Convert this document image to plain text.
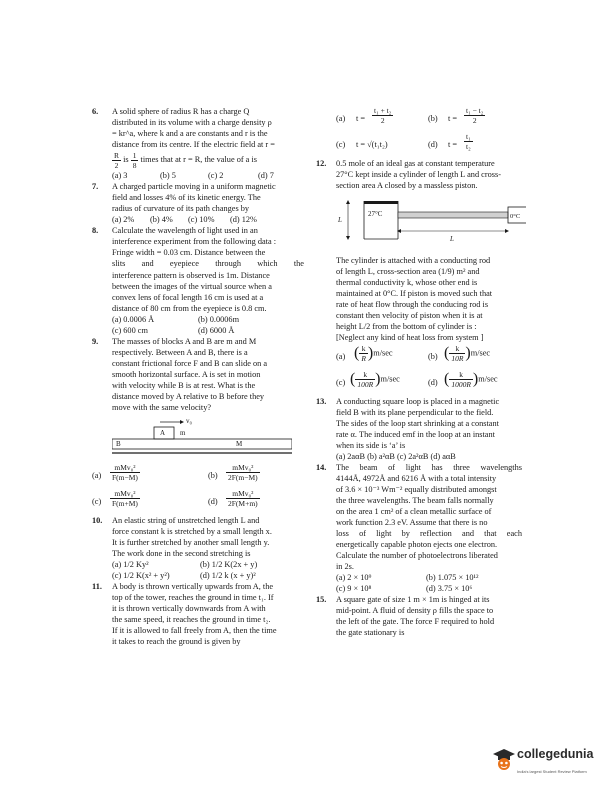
6. A solid sphere of radius R has a charge Q
distributed in its volume with a charge density ρ
= kr^a, where k and a are constants and r is the
distance from its centre. If the electric field at r =
$\frac{R}{2}$ is $\frac{1}{8}$ times that at r = R, the value of a is
(a) 3	(b) 5	(c) 2	(d) 7
7. A charged particle moving in a uniform magnetic
field and losses 4% of its kinetic energy. The
radius of curvature of its path changes by
(a) 2% (b) 4% (c) 10% (d) 12%
8. Calculate the wavelength of light used in an
interference experiment from the following data :
Fringe width = 0.03 cm. Distance between the
slits and eyepiece through which the
interference pattern is observed is 1m. Distance
between the images of the virtual source when a
convex lens of focal length 16 cm is used at a
distance of 80 cm from the eyepiece is 0.8 cm.
(a) 0.0006 Å	(b) 0.0006m
(c) 600 cm	(d) 6000 Å
9. The masses of blocks A and B are m and M
respectively. Between A and B, there is a
constant frictional force F and B can slide on a
smooth horizontal surface. A is set in motion
with velocity while B is at rest. What is the
distance moved by A relative to B before they
move with the same velocity?
v₀
A m
B	M
(a)
mMv₀²
F(m−M)	(b)
mMv₀²
2F(m−M)
(c)
mMv₀²
F(m+M)	(d)
mMv₀²
2F(M+m)
10. An elastic string of unstretched length L and
force constant k is stretched by a small length x.
It is further stretched by another small length y.
The work done in the second stretching is
(a) 1/2 Ky²	(b) 1/2 K(2x + y)
(c) 1/2 K(x² + y²)	(d) 1/2 k (x + y)²
11. A body is thrown vertically upwards from A, the
top of the tower, reaches the ground in time t₁. If
it is thrown vertically downwards from A with
the same speed, it reaches the ground in time t₂.
If it is allowed to fall freely from A, then the time
it takes to reach the ground is given by
(a) $t = \frac{\text{t₁ + t₂}}{2}$	(b) $t = \frac{\text{t₁ − t₂}}{2}$
(c) t = √(t₁t₂)	(d) $t = \frac{\text{t₁}}{\text{t₂}}$
12. 0.5 mole of an ideal gas at constant temperature
27°C kept inside a cylinder of length L and cross-
section area A closed by a massless piston.
L
27°C	0°C
L
The cylinder is attached with a conducting rod
of length L, cross-section area (1/9) m² and
thermal conductivity k, whose other end is
maintained at 0°C. If piston is moved such that
rate of heat flow through the conducing rod is
constant then velocity of piston when it is at
height L/2 from the bottom of cylinder is :
[Neglect any kind of heat loss from system ]
(a) ( $\frac{k}{R} )m/\sec$	(b) ( $\frac{k}{10R} )m/\sec$
(c) ( $\frac{k}{100R} )m/\sec$	(d) ( $\frac{k}{1000R} )m/\sec$
13. A conducting square loop is placed in a magnetic
field B with its plane perpendicular to the field.
The sides of the loop start shrinking at a constant
rate α. The induced emf in the loop at an instant
when its side is ‘a’ is
(a) 2aαB (b) a²αB (c) 2a²αB (d) aαB
14. The beam of light has three wavelengths
4144Å, 4972Å and 6216 Å with a total intensity
of 3.6 × 10⁻³ Wm⁻² equally distributed amongst
the three wavelengths. The beam falls normally
on the area 1 cm² of a clean metallic surface of
work function 2.3 eV. Assume that there is no
loss of light by reflection and that each
energetically capable photon ejects one electron.
Calculate the number of photoelectrons liberated
in 2s.
(a) 2 × 10⁹	(b) 1.075 × 10¹²
(c) 9 × 10⁸	(d) 3.75 × 10⁶
15. A square gate of size 1 m × 1m is hinged at its
mid-point. A fluid of density ρ fills the space to
the left of the gate. The force F required to hold
the gate stationary is
collegedunia
India's largest Student Review Platform
